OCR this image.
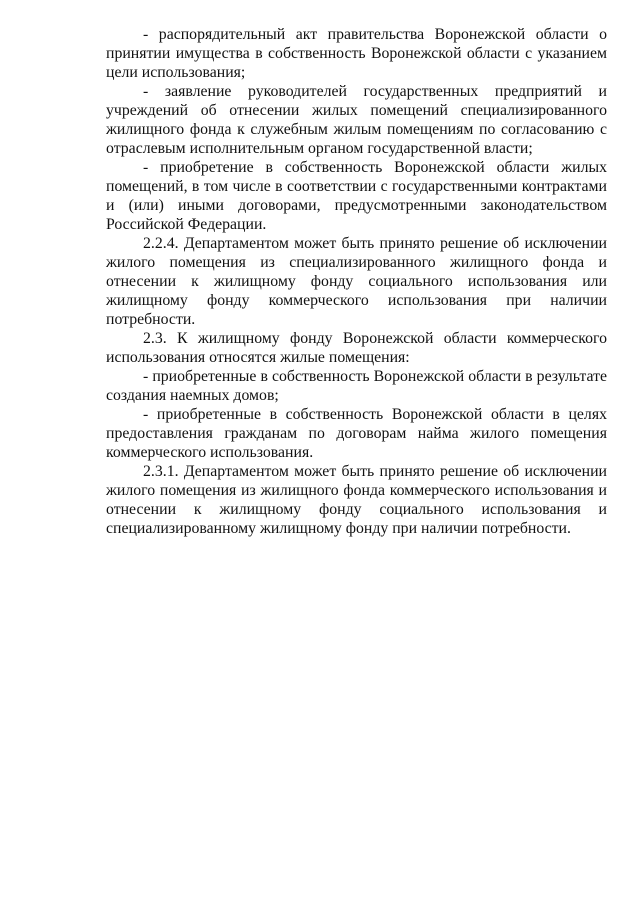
- распорядительный акт правительства Воронежской области о принятии имущества в собственность Воронежской области с указанием цели использования;

- заявление руководителей государственных предприятий и учреждений об отнесении жилых помещений специализированного жилищного фонда к служебным жилым помещениям по согласованию с отраслевым исполнительным органом государственной власти;

- приобретение в собственность Воронежской области жилых помещений, в том числе в соответствии с государственными контрактами и (или) иными договорами, предусмотренными законодательством Российской Федерации.

2.2.4. Департаментом может быть принято решение об исключении жилого помещения из специализированного жилищного фонда и отнесении к жилищному фонду социального использования или жилищному фонду коммерческого использования при наличии потребности.

2.3. К жилищному фонду Воронежской области коммерческого использования относятся жилые помещения:

- приобретенные в собственность Воронежской области в результате создания наемных домов;

- приобретенные в собственность Воронежской области в целях предоставления гражданам по договорам найма жилого помещения коммерческого использования.

2.3.1. Департаментом может быть принято решение об исключении жилого помещения из жилищного фонда коммерческого использования и отнесении к жилищному фонду социального использования и специализированному жилищному фонду при наличии потребности.
